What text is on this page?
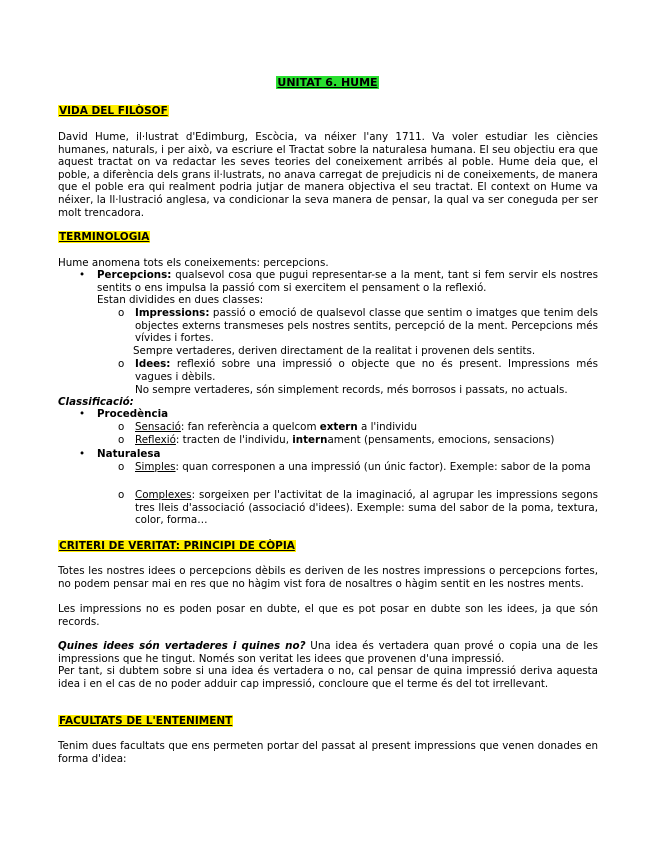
UNITAT 6. HUME
VIDA DEL FILÒSOF
David Hume, il·lustrat d'Edimburg, Escòcia, va néixer l'any 1711. Va voler estudiar les ciències humanes, naturals, i per això, va escriure el Tractat sobre la naturalesa humana. El seu objectiu era que aquest tractat on va redactar les seves teories del coneixement arribés al poble. Hume deia que, el poble, a diferència dels grans il·lustrats, no anava carregat de prejudicis ni de coneixements, de manera que el poble era qui realment podria jutjar de manera objectiva el seu tractat. El context on Hume va néixer, la Il·lustració anglesa, va condicionar la seva manera de pensar, la qual va ser coneguda per ser molt trencadora.
TERMINOLOGIA
Hume anomena tots els coneixements: percepcions.
• Percepcions: qualsevol cosa que pugui representar-se a la ment, tant si fem servir els nostres sentits o ens impulsa la passió com si exercitem el pensament o la reflexió.
Estan dividides en dues classes:
o Impressions: passió o emoció de qualsevol classe que sentim o imatges que tenim dels objectes externs transmeses pels nostres sentits, percepció de la ment. Percepcions més vívides i fortes.
Sempre vertaderes, deriven directament de la realitat i provenen dels sentits.
o Idees: reflexió sobre una impressió o objecte que no és present. Impressions més vagues i dèbils.
No sempre vertaderes, són simplement records, més borrosos i passats, no actuals.
Classificació:
• Procedència
o Sensació: fan referència a quelcom extern a l'individu
o Reflexió: tracten de l'individu, internament (pensaments, emocions, sensacions)
• Naturalesa
o Simples: quan corresponen a una impressió (un únic factor). Exemple: sabor de la poma
o Complexes: sorgeixen per l'activitat de la imaginació, al agrupar les impressions segons tres lleis d'associació (associació d'idees). Exemple: suma del sabor de la poma, textura, color, forma…
CRITERI DE VERITAT: PRINCIPI DE CÒPIA
Totes les nostres idees o percepcions dèbils es deriven de les nostres impressions o percepcions fortes, no podem pensar mai en res que no hàgim vist fora de nosaltres o hàgim sentit en les nostres ments.
Les impressions no es poden posar en dubte, el que es pot posar en dubte son les idees, ja que són records.
Quines idees són vertaderes i quines no? Una idea és vertadera quan prové o copia una de les impressions que he tingut. Només son veritat les idees que provenen d'una impressió.
Per tant, si dubtem sobre si una idea és vertadera o no, cal pensar de quina impressió deriva aquesta idea i en el cas de no poder adduir cap impressió, concloure que el terme és del tot irrellevant.
FACULTATS DE L'ENTENIMENT
Tenim dues facultats que ens permeten portar del passat al present impressions que venen donades en forma d'idea:
